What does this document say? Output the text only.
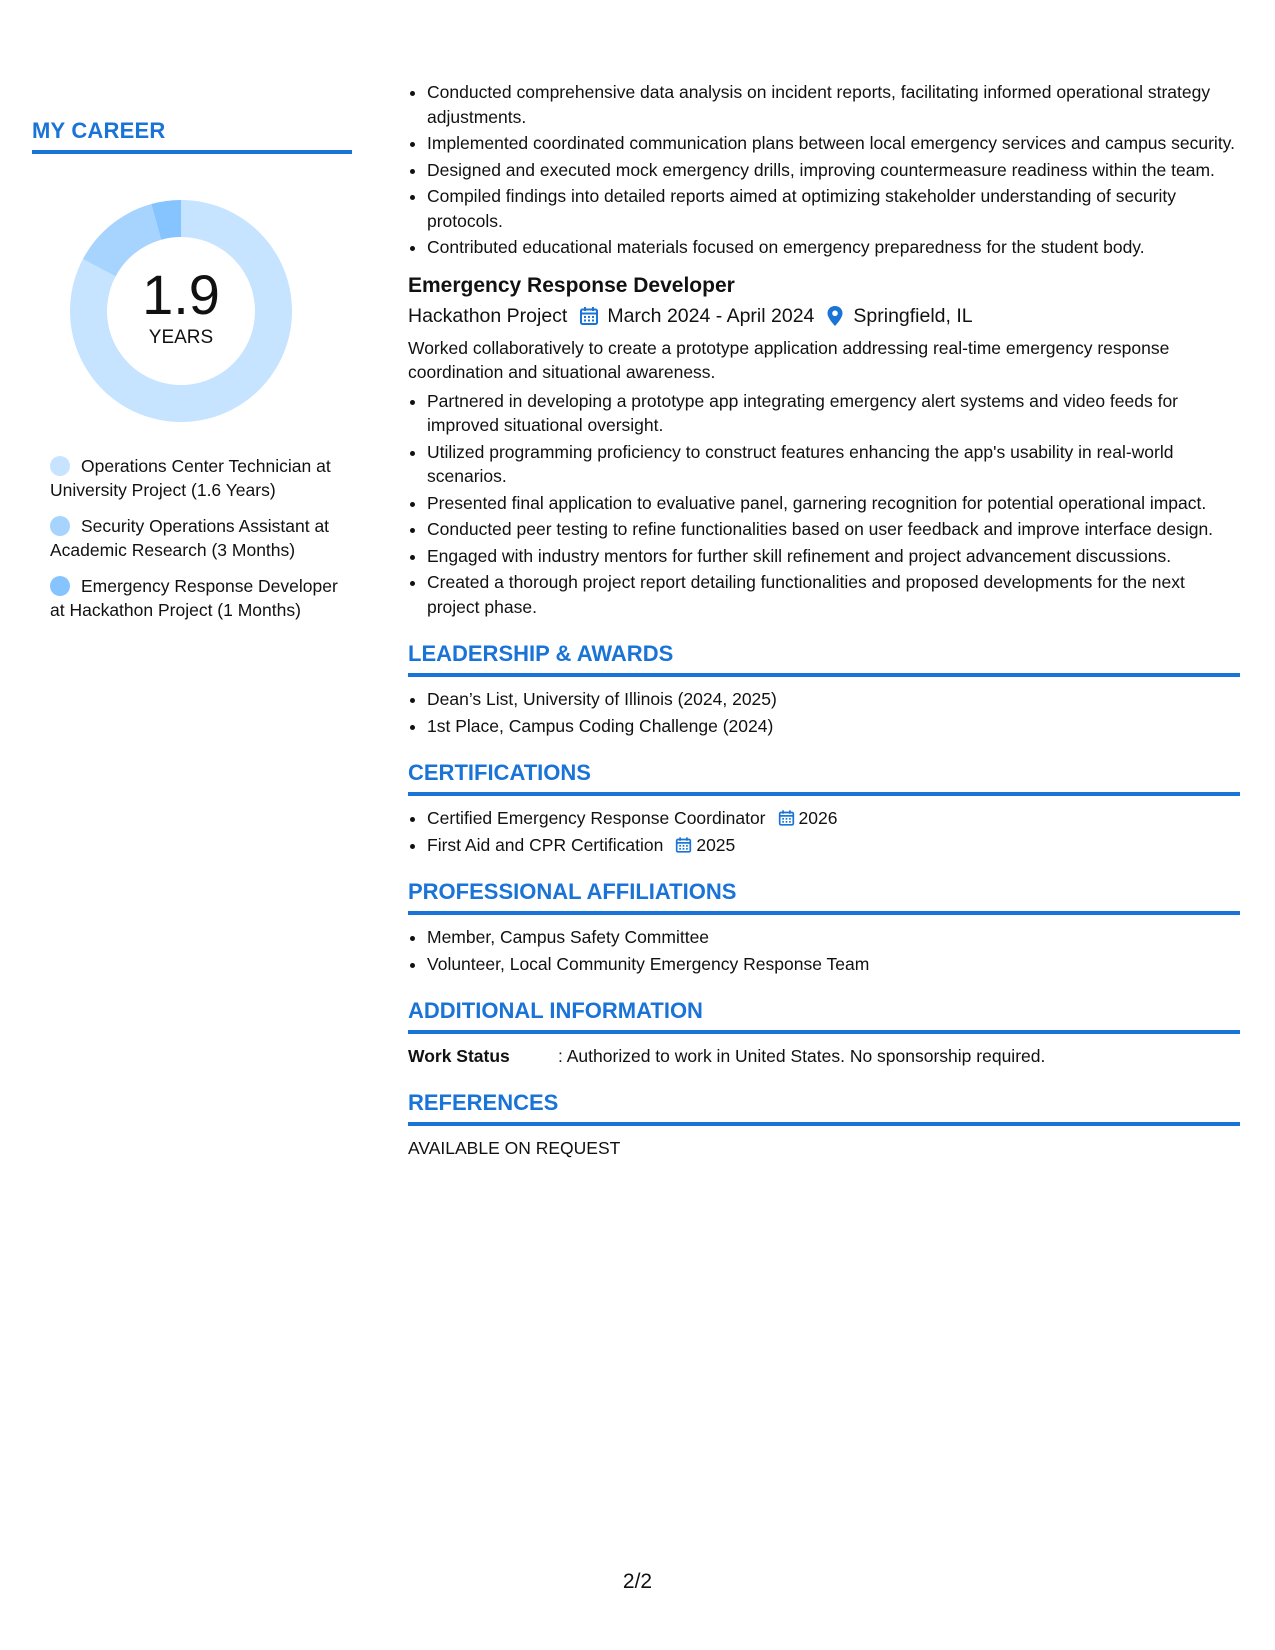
MY CAREER
1.9
YEARS
Operations Center Technician at University Project (1.6 Years)
Security Operations Assistant at Academic Research (3 Months)
Emergency Response Developer at Hackathon Project (1 Months)
• Conducted comprehensive data analysis on incident reports, facilitating informed operational strategy adjustments.
• Implemented coordinated communication plans between local emergency services and campus security.
• Designed and executed mock emergency drills, improving countermeasure readiness within the team.
• Compiled findings into detailed reports aimed at optimizing stakeholder understanding of security protocols.
• Contributed educational materials focused on emergency preparedness for the student body.
Emergency Response Developer
Hackathon Project March 2024 - April 2024 Springfield, IL

Worked collaboratively to create a prototype application addressing real-time emergency response coordination and situational awareness.

• Partnered in developing a prototype app integrating emergency alert systems and video feeds for improved situational oversight.
• Utilized programming proficiency to construct features enhancing the app's usability in real-world scenarios.
• Presented final application to evaluative panel, garnering recognition for potential operational impact.
• Conducted peer testing to refine functionalities based on user feedback and improve interface design.
• Engaged with industry mentors for further skill refinement and project advancement discussions.
• Created a thorough project report detailing functionalities and proposed developments for the next project phase.
LEADERSHIP & AWARDS
• Dean’s List, University of Illinois (2024, 2025)
• 1st Place, Campus Coding Challenge (2024)
CERTIFICATIONS
• Certified Emergency Response Coordinator 2026
• First Aid and CPR Certification 2025
PROFESSIONAL AFFILIATIONS
• Member, Campus Safety Committee
• Volunteer, Local Community Emergency Response Team
ADDITIONAL INFORMATION
Work Status	: Authorized to work in United States. No sponsorship required.
REFERENCES

AVAILABLE ON REQUEST

2/2
